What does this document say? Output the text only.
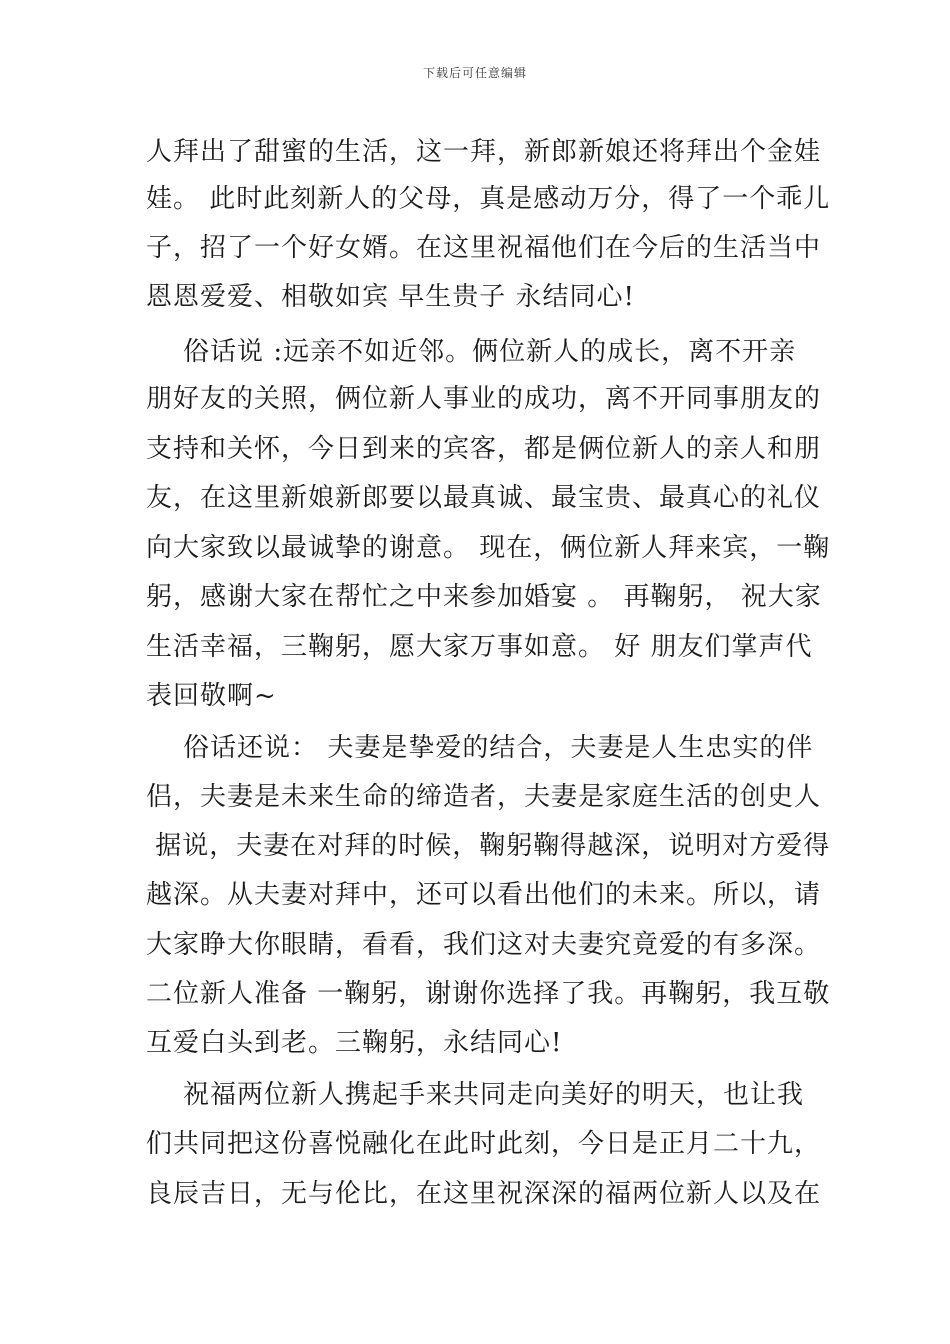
下载后可任意编辑
人拜出了甜蜜的生活，这一拜，新郎新娘还将拜出个金娃
娃。 此时此刻新人的父母，真是感动万分，得了一个乖儿
子，招了一个好女婿。在这里祝福他们在今后的生活当中
恩恩爱爱、相敬如宾 早生贵子 永结同心!
俗话说 :远亲不如近邻。俩位新人的成长，离不开亲
朋好友的关照，俩位新人事业的成功，离不开同事朋友的
支持和关怀，今日到来的宾客，都是俩位新人的亲人和朋
友，在这里新娘新郎要以最真诚、最宝贵、最真心的礼仪
向大家致以最诚挚的谢意。 现在，俩位新人拜来宾，一鞠
躬，感谢大家在帮忙之中来参加婚宴 。 再鞠躬， 祝大家
生活幸福，三鞠躬，愿大家万事如意。 好 朋友们掌声代
表回敬啊~
俗话还说： 夫妻是挚爱的结合，夫妻是人生忠实的伴
侣，夫妻是未来生命的缔造者，夫妻是家庭生活的创史人
据说，夫妻在对拜的时候，鞠躬鞠得越深，说明对方爱得
越深。从夫妻对拜中，还可以看出他们的未来。所以，请
大家睁大你眼睛，看看，我们这对夫妻究竟爱的有多深。
二位新人准备 一鞠躬，谢谢你选择了我。再鞠躬，我互敬
互爱白头到老。三鞠躬，永结同心!
祝福两位新人携起手来共同走向美好的明天，也让我
们共同把这份喜悦融化在此时此刻，今日是正月二十九，
良辰吉日，无与伦比，在这里祝深深的福两位新人以及在
